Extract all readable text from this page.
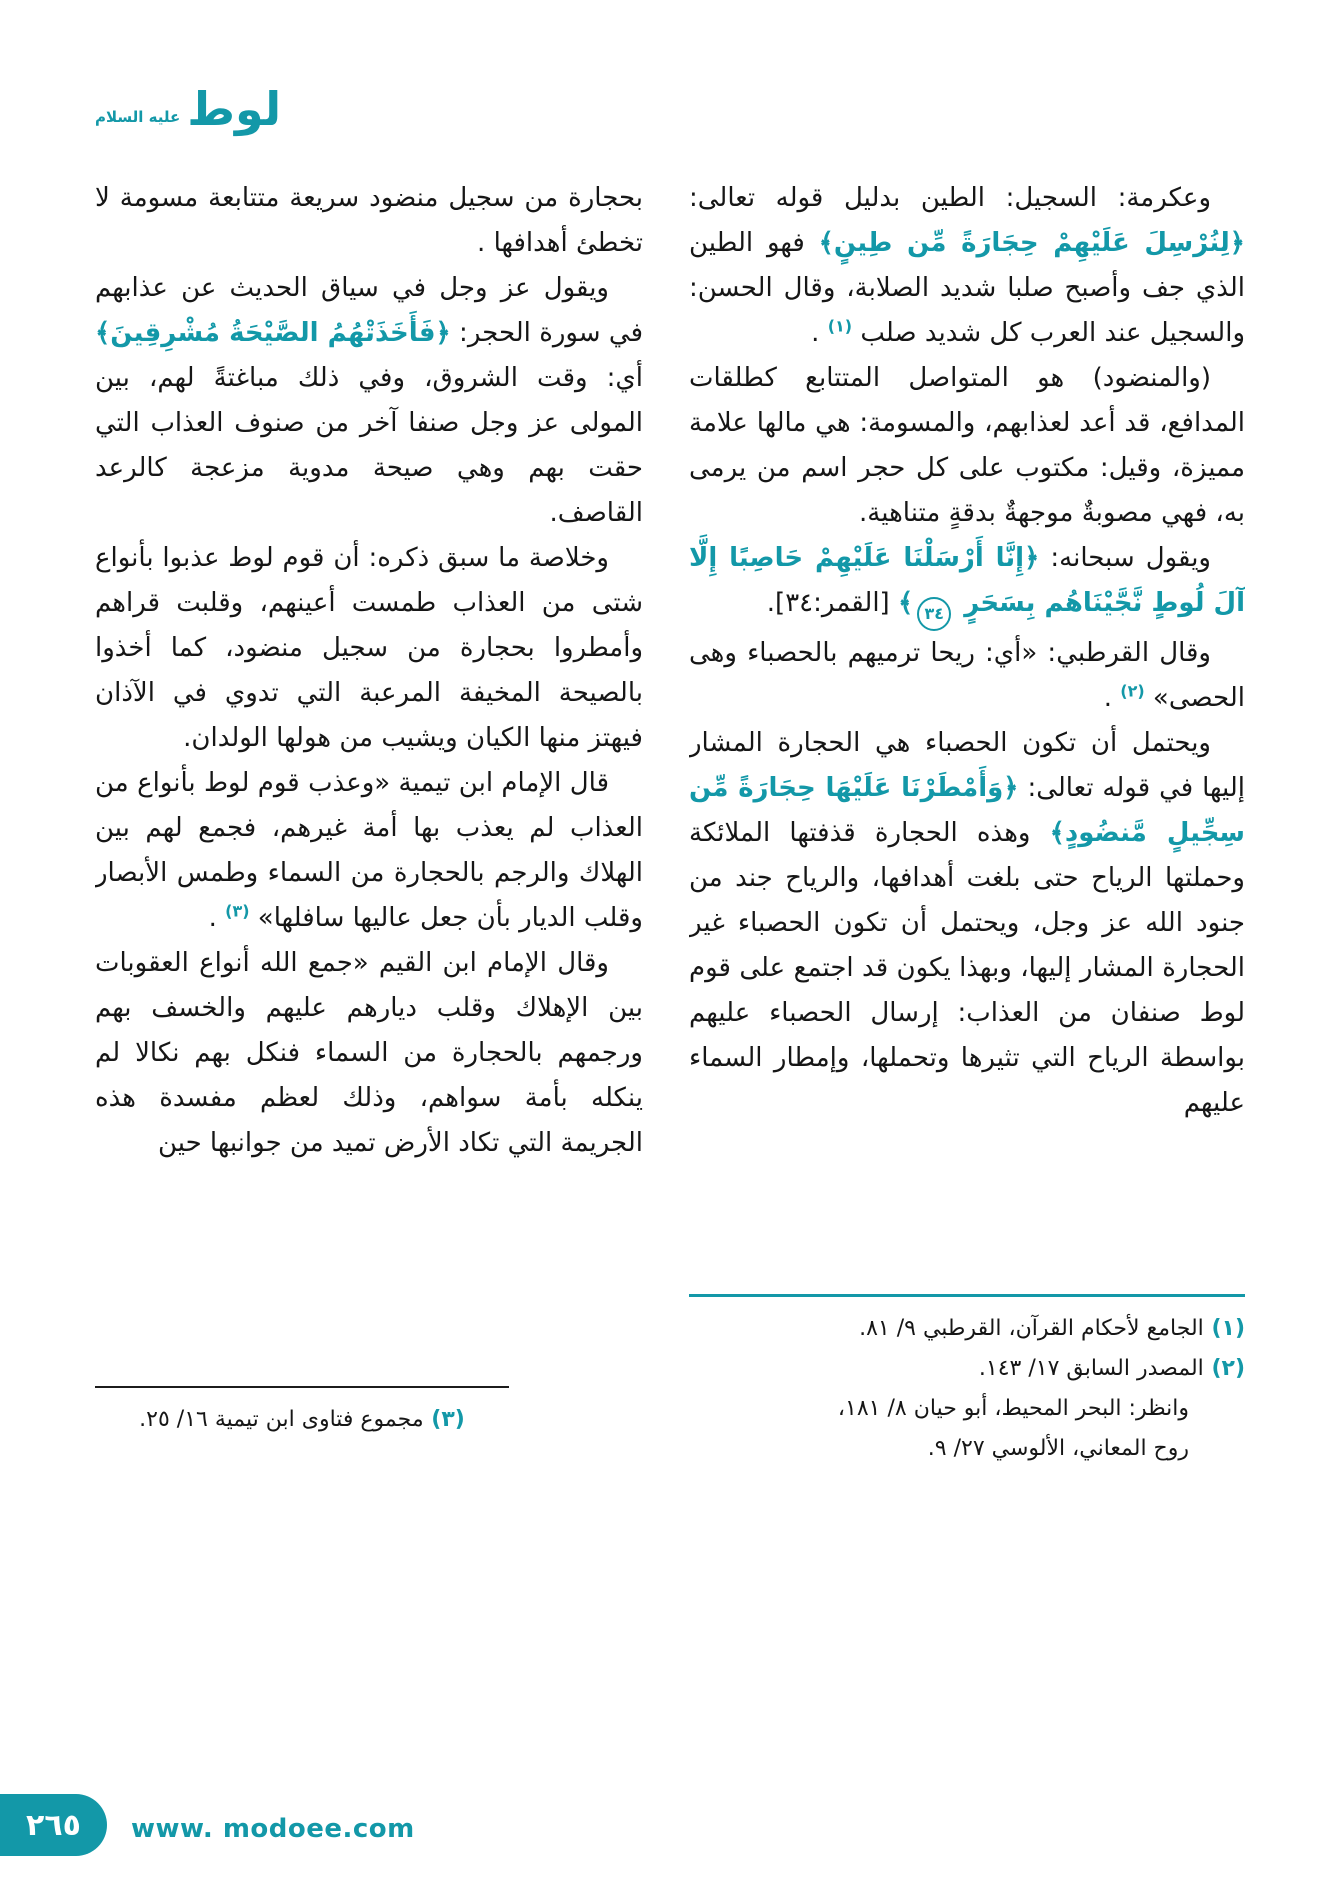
لوط
عليه السلام

وعكرمة: السجيل: الطين بدليل قوله تعالى: ﴿لِنُرْسِلَ عَلَيْهِمْ حِجَارَةً مِّن طِينٍ﴾ فهو الطين الذي جف وأصبح صلبا شديد الصلابة، وقال الحسن: والسجيل عند العرب كل شديد صلب $^{(١)}$ .

(والمنضود) هو المتواصل المتتابع كطلقات المدافع، قد أعد لعذابهم، والمسومة: هي مالها علامة مميزة، وقيل: مكتوب على كل حجر اسم من يرمى به، فهي مصوبةٌ موجهةٌ بدقةٍ متناهية.

ويقول سبحانه: ﴿إِنَّا أَرْسَلْنَا عَلَيْهِمْ حَاصِبًا إِلَّا آلَ لُوطٍ نَّجَّيْنَاهُم بِسَحَرٍ ٣٤﴾ [القمر:٣٤].

وقال القرطبي: «أي: ريحا ترميهم بالحصباء وهى الحصى» $^{(٢)}$ .

ويحتمل أن تكون الحصباء هي الحجارة المشار إليها في قوله تعالى: ﴿وَأَمْطَرْنَا عَلَيْهَا حِجَارَةً مِّن سِجِّيلٍ مَّنضُودٍ﴾ وهذه الحجارة قذفتها الملائكة وحملتها الرياح حتى بلغت أهدافها، والرياح جند من جنود الله عز وجل، ويحتمل أن تكون الحصباء غير الحجارة المشار إليها، وبهذا يكون قد اجتمع على قوم لوط صنفان من العذاب: إرسال الحصباء عليهم بواسطة الرياح التي تثيرها وتحملها، وإمطار السماء عليهم

بحجارة من سجيل منضود سريعة متتابعة مسومة لا تخطئ أهدافها .

ويقول عز وجل في سياق الحديث عن عذابهم في سورة الحجر: ﴿فَأَخَذَتْهُمُ الصَّيْحَةُ مُشْرِقِينَ﴾ أي: وقت الشروق، وفي ذلك مباغتةً لهم، بين المولى عز وجل صنفا آخر من صنوف العذاب التي حقت بهم وهي صيحة مدوية مزعجة كالرعد القاصف.

وخلاصة ما سبق ذكره: أن قوم لوط عذبوا بأنواع شتى من العذاب طمست أعينهم، وقلبت قراهم وأمطروا بحجارة من سجيل منضود، كما أخذوا بالصيحة المخيفة المرعبة التي تدوي في الآذان فيهتز منها الكيان ويشيب من هولها الولدان.

قال الإمام ابن تيمية «وعذب قوم لوط بأنواع من العذاب لم يعذب بها أمة غيرهم، فجمع لهم بين الهلاك والرجم بالحجارة من السماء وطمس الأبصار وقلب الديار بأن جعل عاليها سافلها» $^{(٣)}$ .

وقال الإمام ابن القيم «جمع الله أنواع العقوبات بين الإهلاك وقلب ديارهم عليهم والخسف بهم ورجمهم بالحجارة من السماء فنكل بهم نكالا لم ينكله بأمة سواهم، وذلك لعظم مفسدة هذه الجريمة التي تكاد الأرض تميد من جوانبها حين

(١) الجامع لأحكام القرآن، القرطبي ٩/ ٨١.
(٢) المصدر السابق ١٧/ ١٤٣.
وانظر: البحر المحيط، أبو حيان ٨/ ١٨١،
روح المعاني، الألوسي ٢٧/ ٩.
(٣) مجموع فتاوى ابن تيمية ١٦/ ٢٥.
٢٦٥ www. modoee.com
